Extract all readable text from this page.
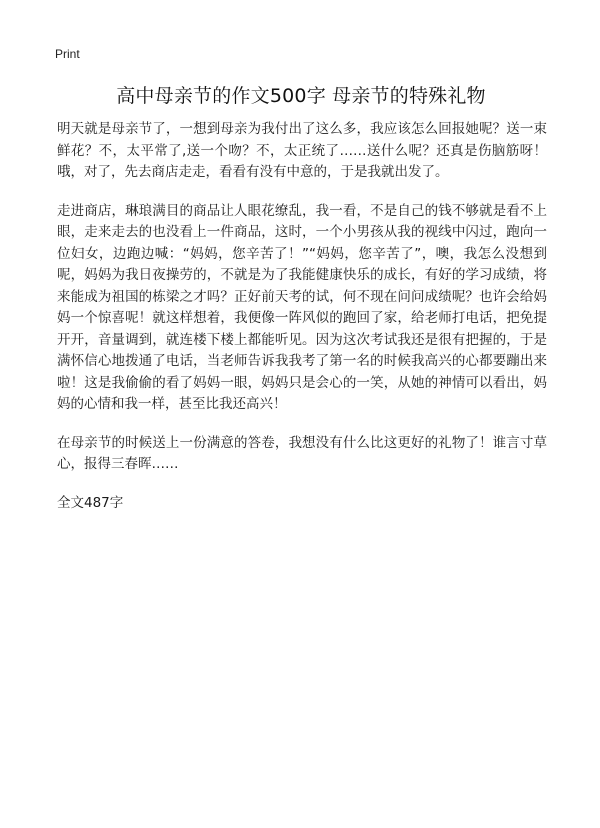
Print
高中母亲节的作文500字 母亲节的特殊礼物

明天就是母亲节了，一想到母亲为我付出了这么多，我应该怎么回报她呢？送一束鲜花？不，太平常了,送一个吻？不，太正统了……送什么呢？还真是伤脑筋呀！哦，对了，先去商店走走，看看有没有中意的，于是我就出发了。

走进商店，琳琅满目的商品让人眼花缭乱，我一看，不是自己的钱不够就是看不上眼，走来走去的也没看上一件商品，这时，一个小男孩从我的视线中闪过，跑向一位妇女，边跑边喊：“妈妈，您辛苦了！”“妈妈，您辛苦了”，噢，我怎么没想到呢，妈妈为我日夜操劳的，不就是为了我能健康快乐的成长，有好的学习成绩，将来能成为祖国的栋梁之才吗？正好前天考的试，何不现在问问成绩呢？也许会给妈妈一个惊喜呢！就这样想着，我便像一阵风似的跑回了家，给老师打电话，把免提开开，音量调到，就连楼下楼上都能听见。因为这次考试我还是很有把握的，于是满怀信心地拨通了电话，当老师告诉我我考了第一名的时候我高兴的心都要蹦出来啦！这是我偷偷的看了妈妈一眼，妈妈只是会心的一笑，从她的神情可以看出，妈妈的心情和我一样，甚至比我还高兴！

在母亲节的时候送上一份满意的答卷，我想没有什么比这更好的礼物了！谁言寸草心，报得三春晖……

全文487字
